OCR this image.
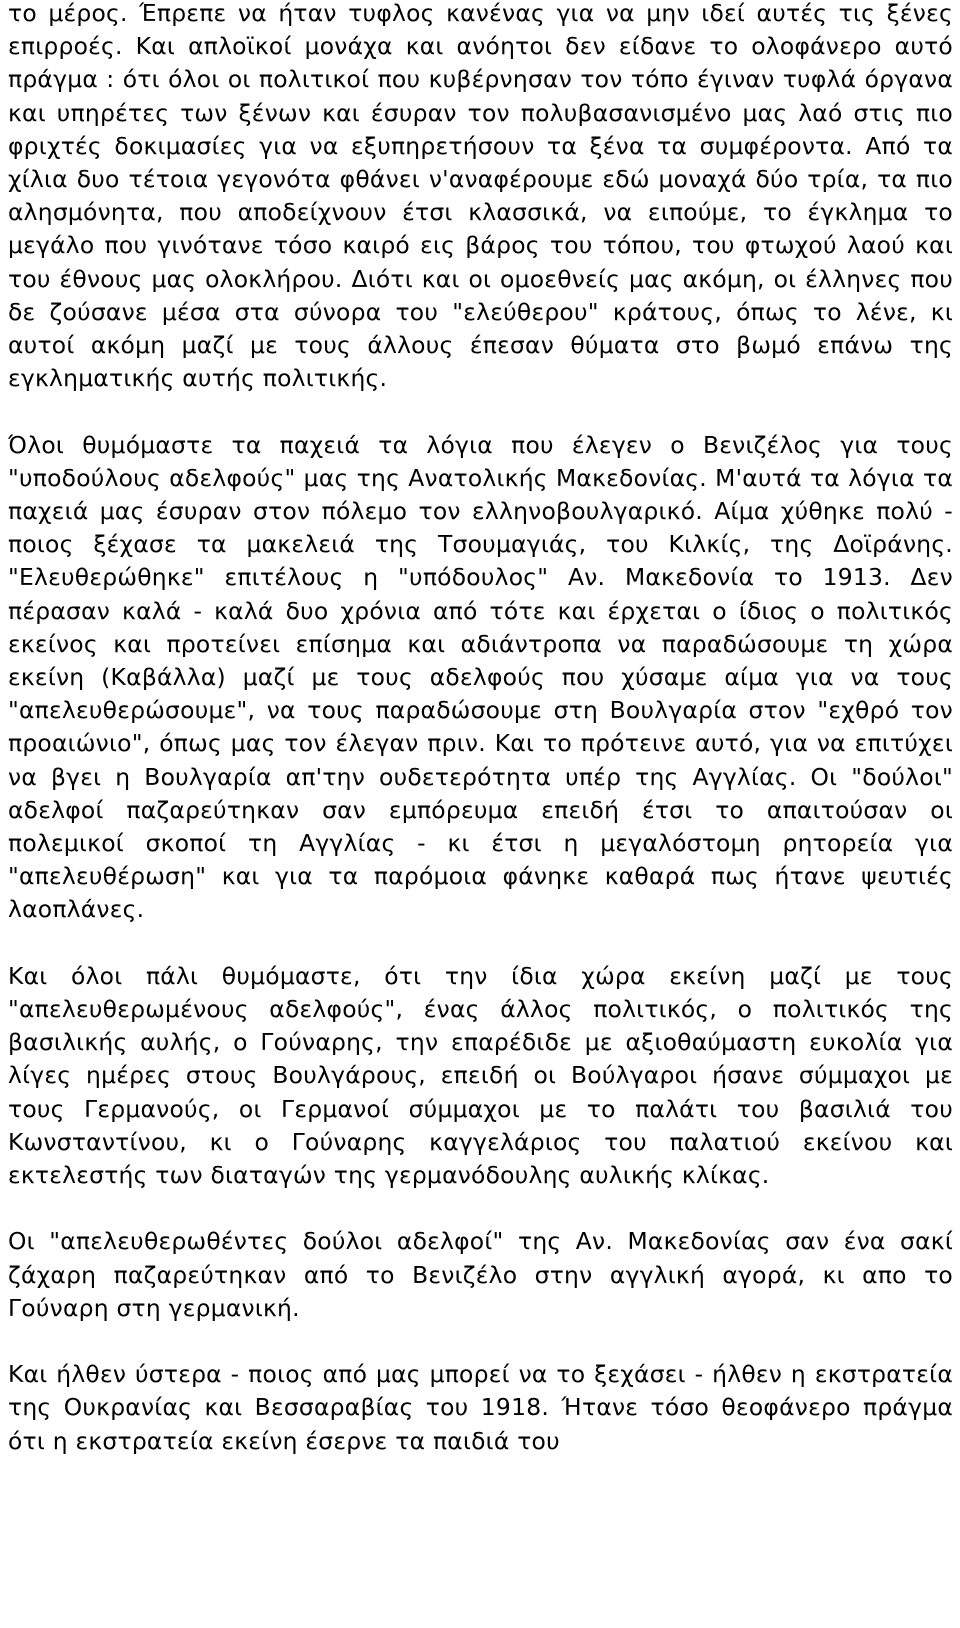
το μέρος. Έπρεπε να ήταν τυφλος κανένας για να μην ιδεί αυτές τις ξένες επιρροές. Και απλοϊκοί μονάχα και ανόητοι δεν είδανε το ολοφάνερο αυτό πράγμα : ότι όλοι οι πολιτικοί που κυβέρνησαν τον τόπο έγιναν τυφλά όργανα και υπηρέτες των ξένων και έσυραν τον πολυβασανισμένο μας λαό στις πιο φριχτές δοκιμασίες για να εξυπηρετήσουν τα ξένα τα συμφέροντα. Από τα χίλια δυο τέτοια γεγονότα φθάνει ν'αναφέρουμε εδώ μοναχά δύο τρία, τα πιο αλησμόνητα, που αποδείχνουν έτσι κλασσικά, να ειπούμε, το έγκλημα το μεγάλο που γινότανε τόσο καιρό εις βάρος του τόπου, του φτωχού λαού και του έθνους μας ολοκλήρου. Διότι και οι ομοεθνείς μας ακόμη, οι έλληνες που δε ζούσανε μέσα στα σύνορα του "ελεύθερου" κράτους, όπως το λένε, κι αυτοί ακόμη μαζί με τους άλλους έπεσαν θύματα στο βωμό επάνω της εγκληματικής αυτής πολιτικής.

Όλοι θυμόμαστε τα παχειά τα λόγια που έλεγεν ο Βενιζέλος για τους "υποδούλους αδελφούς" μας της Ανατολικής Μακεδονίας. Μ'αυτά τα λόγια τα παχειά μας έσυραν στον πόλεμο τον ελληνοβουλγαρικό. Αίμα χύθηκε πολύ - ποιος ξέχασε τα μακελειά της Τσουμαγιάς, του Κιλκίς, της Δοϊράνης. "Ελευθερώθηκε" επιτέλους η "υπόδουλος" Αν. Μακεδονία το 1913. Δεν πέρασαν καλά - καλά δυο χρόνια από τότε και έρχεται ο ίδιος ο πολιτικός εκείνος και προτείνει επίσημα και αδιάντροπα να παραδώσουμε τη χώρα εκείνη (Καβάλλα) μαζί με τους αδελφούς που χύσαμε αίμα για να τους "απελευθερώσουμε", να τους παραδώσουμε στη Βουλγαρία στον "εχθρό τον προαιώνιο", όπως μας τον έλεγαν πριν. Και το πρότεινε αυτό, για να επιτύχει να βγει η Βουλγαρία απ'την ουδετερότητα υπέρ της Αγγλίας. Οι "δούλοι" αδελφοί παζαρεύτηκαν σαν εμπόρευμα επειδή έτσι το απαιτούσαν οι πολεμικοί σκοποί τη Αγγλίας - κι έτσι η μεγαλόστομη ρητορεία για "απελευθέρωση" και για τα παρόμοια φάνηκε καθαρά πως ήτανε ψευτιές λαοπλάνες.

Και όλοι πάλι θυμόμαστε, ότι την ίδια χώρα εκείνη μαζί με τους "απελευθερωμένους αδελφούς", ένας άλλος πολιτικός, ο πολιτικός της βασιλικής αυλής, ο Γούναρης, την επαρέδιδε με αξιοθαύμαστη ευκολία για λίγες ημέρες στους Βουλγάρους, επειδή οι Βούλγαροι ήσανε σύμμαχοι με τους Γερμανούς, οι Γερμανοί σύμμαχοι με το παλάτι του βασιλιά του Κωνσταντίνου, κι ο Γούναρης καγγελάριος του παλατιού εκείνου και εκτελεστής των διαταγών της γερμανόδουλης αυλικής κλίκας.

Οι "απελευθερωθέντες δούλοι αδελφοί" της Αν. Μακεδονίας σαν ένα σακί ζάχαρη παζαρεύτηκαν από το Βενιζέλο στην αγγλική αγορά, κι απο το Γούναρη στη γερμανική.

Και ήλθεν ύστερα - ποιος από μας μπορεί να το ξεχάσει - ήλθεν η εκστρατεία της Ουκρανίας και Βεσσαραβίας του 1918. Ήτανε τόσο θεοφάνερο πράγμα ότι η εκστρατεία εκείνη έσερνε τα παιδιά του
